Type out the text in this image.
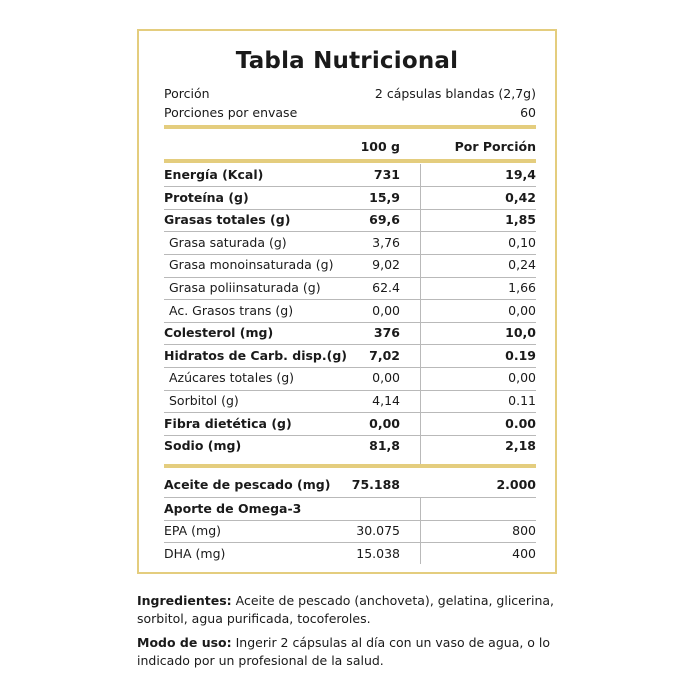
Tabla Nutricional
Porción	2 cápsulas blandas (2,7g)
Porciones por envase	60
100 g	Por Porción
Energía (Kcal)	731	19,4
Proteína (g)	15,9	0,42
Grasas totales (g)	69,6	1,85
Grasa saturada (g)	3,76	0,10
Grasa monoinsaturada (g)	9,02	0,24
Grasa poliinsaturada (g)	62.4	1,66
Ac. Grasos trans (g)	0,00	0,00
Colesterol (mg)	376	10,0
Hidratos de Carb. disp.(g) 7,02	0.19
Azúcares totales (g)	0,00	0,00
Sorbitol (g)	4,14	0.11
Fibra dietética (g)	0,00	0.00
Sodio (mg)	81,8	2,18
Aceite de pescado (mg) 75.188	2.000
Aporte de Omega-3
EPA (mg)	30.075	800
DHA (mg)	15.038	400
Ingredientes: Aceite de pescado (anchoveta), gelatina, glicerina, sorbitol, agua purificada, tocoferoles.
Modo de uso: Ingerir 2 cápsulas al día con un vaso de agua, o lo indicado por un profesional de la salud.
